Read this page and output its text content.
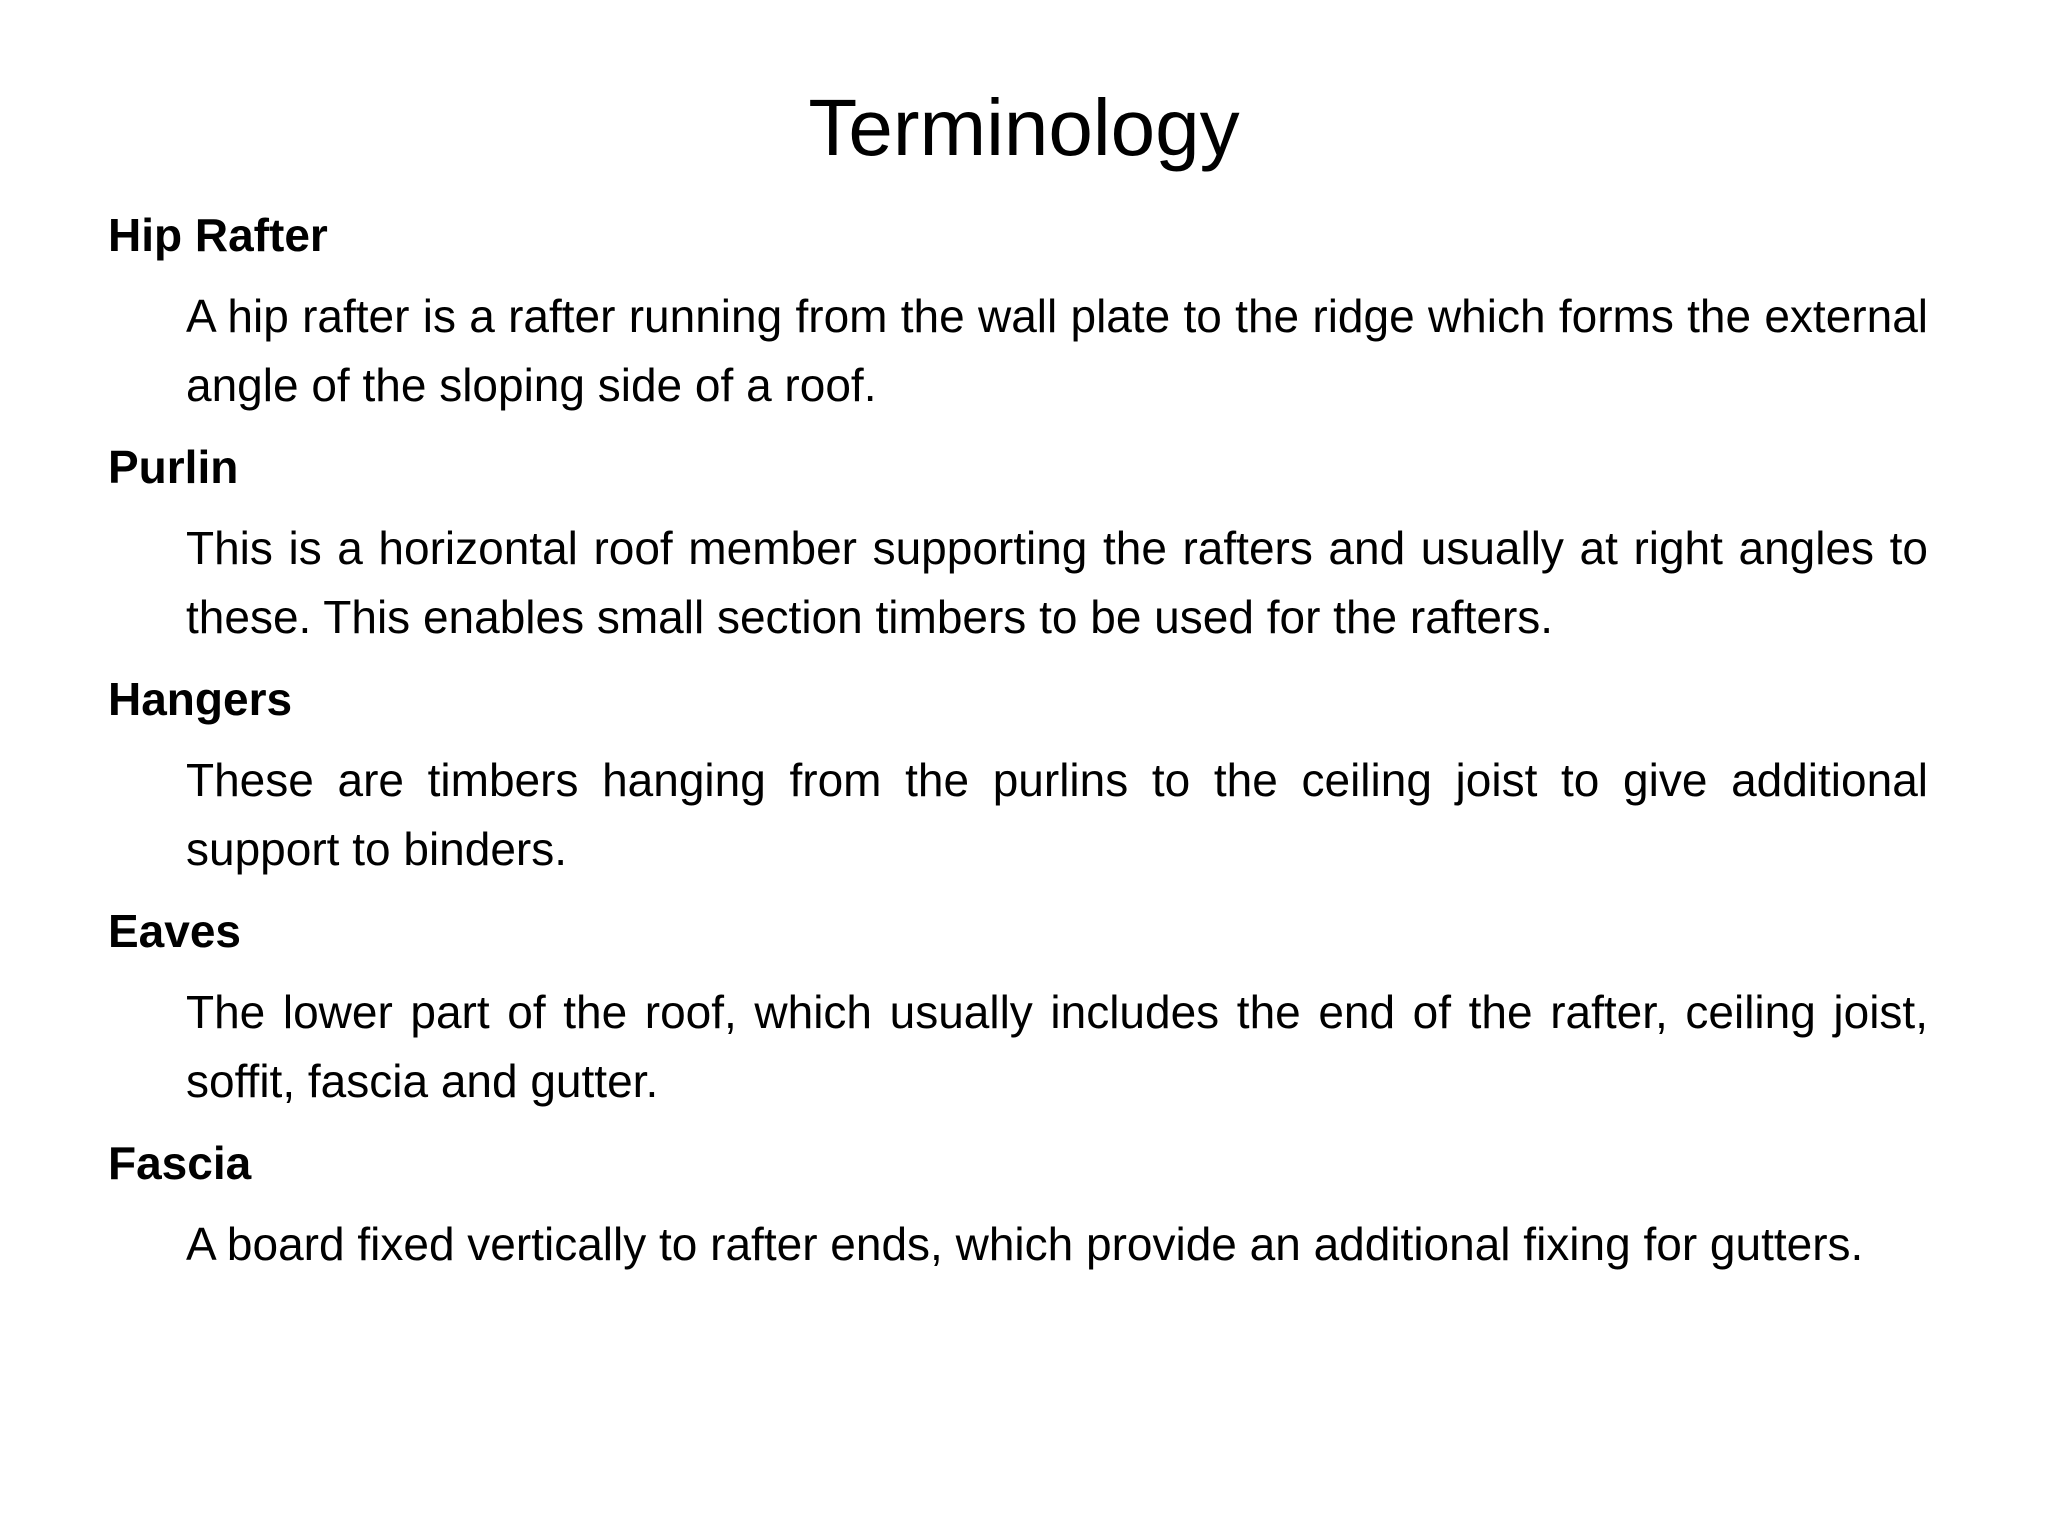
Terminology
Hip Rafter
A hip rafter is a rafter running from the wall plate to the ridge which forms the external angle of the sloping side of a roof.
Purlin
This is a horizontal roof member supporting the rafters and usually at right angles to these. This enables small section timbers to be used for the rafters.
Hangers
These are timbers hanging from the purlins to the ceiling joist to give additional support to binders.
Eaves
The lower part of the roof, which usually includes the end of the rafter, ceiling joist, soffit, fascia and gutter.
Fascia
A board fixed vertically to rafter ends, which provide an additional fixing for gutters.
